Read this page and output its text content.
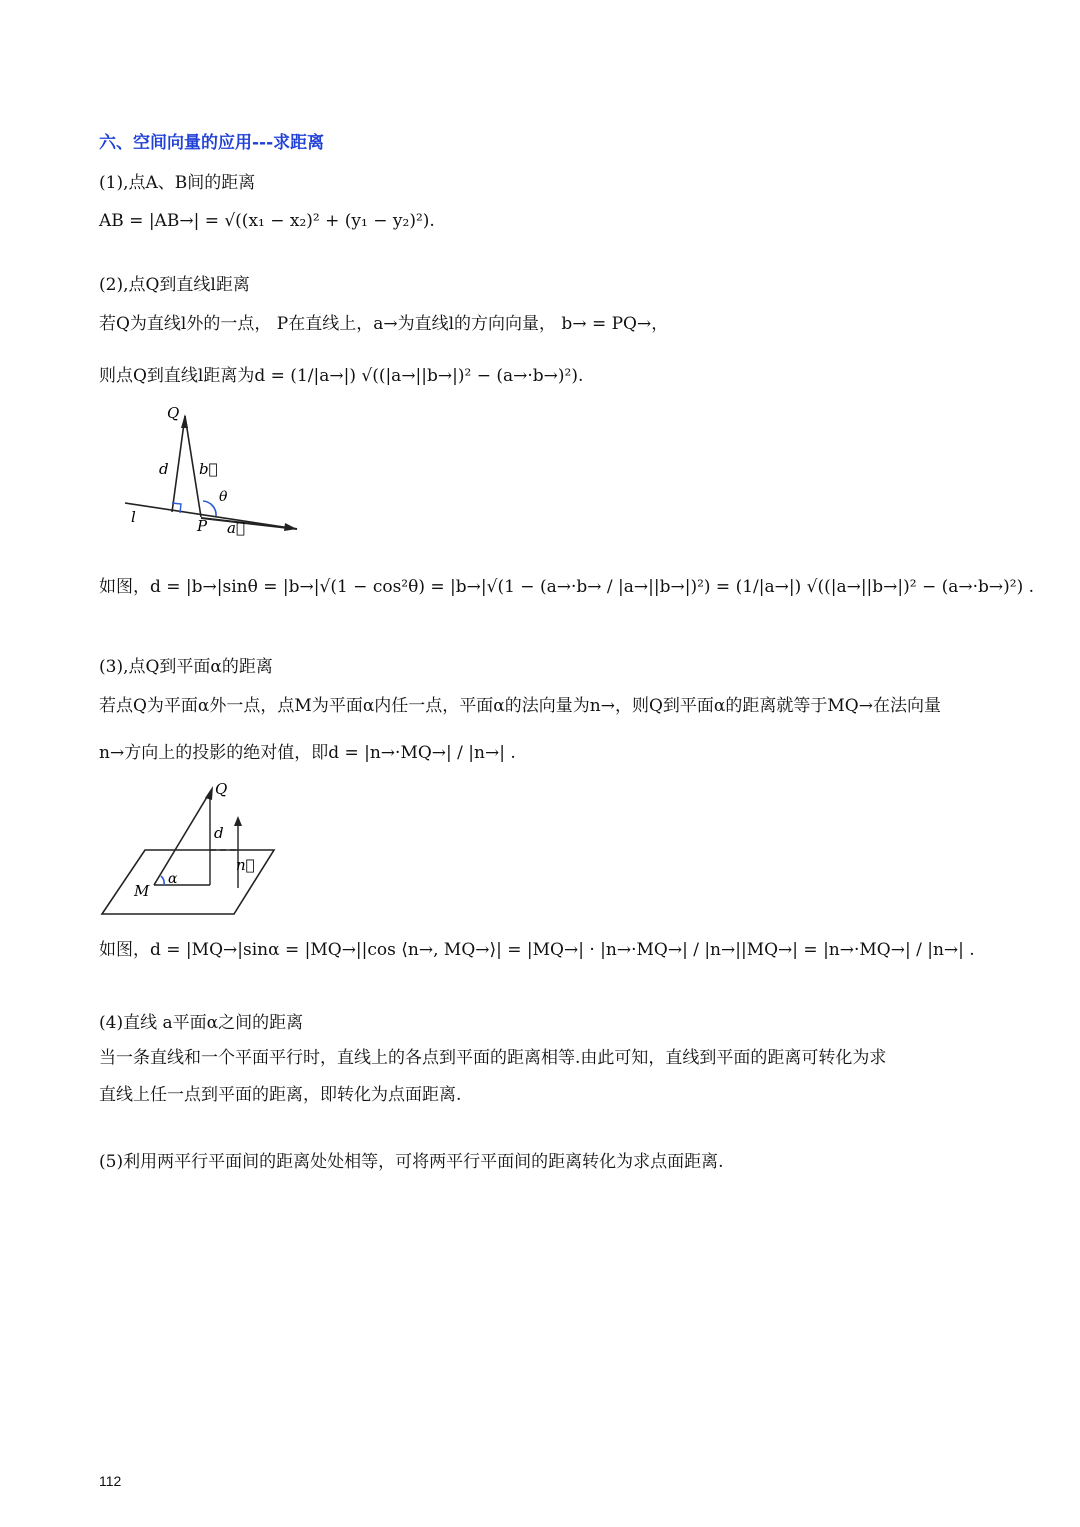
六、空间向量的应用---求距离
(1),点A、B间的距离
AB = |AB→| = √((x₁ − x₂)² + (y₁ − y₂)²).
(2),点Q到直线l距离
若Q为直线l外的一点， P在直线上，a→为直线l的方向向量， b→ = PQ→，
则点Q到直线l距离为d = (1/|a→|) √((|a→||b→|)² − (a→·b→)²).
Q
d b⃗
θ
l	P a⃗
如图，d = |b→|sinθ = |b→|√(1 − cos²θ) = |b→|√(1 − (a→·b→ / |a→||b→|)²) = (1/|a→|) √((|a→||b→|)² − (a→·b→)²) .
(3),点Q到平面α的距离
若点Q为平面α外一点，点M为平面α内任一点，平面α的法向量为n→，则Q到平面α的距离就等于MQ→在法向量
n→方向上的投影的绝对值，即d = |n→·MQ→| / |n→| .
Q
d
n⃗
M
α
如图，d = |MQ→|sinα = |MQ→||cos ⟨n→, MQ→⟩| = |MQ→| · |n→·MQ→| / |n→||MQ→| = |n→·MQ→| / |n→| .
(4)直线 a平面α之间的距离
当一条直线和一个平面平行时，直线上的各点到平面的距离相等.由此可知，直线到平面的距离可转化为求
直线上任一点到平面的距离，即转化为点面距离.
(5)利用两平行平面间的距离处处相等，可将两平行平面间的距离转化为求点面距离.
112
